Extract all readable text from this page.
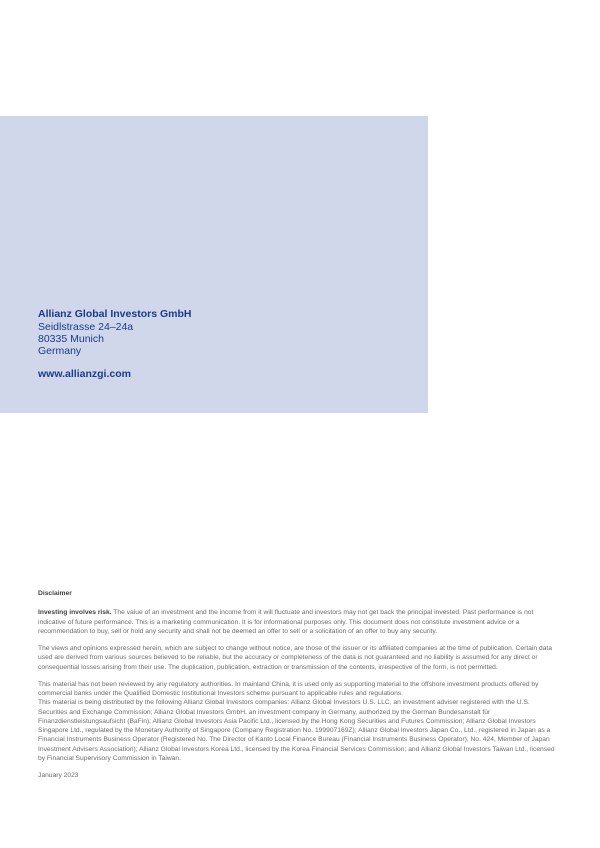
Allianz Global Investors GmbH
Seidlstrasse 24–24a
80335 Munich
Germany
www.allianzgi.com
Disclaimer

Investing involves risk. The value of an investment and the income from it will fluctuate and investors may not get back the principal invested. Past performance is not indicative of future performance. This is a marketing communication. It is for informational purposes only. This document does not constitute investment advice or a recommendation to buy, sell or hold any security and shall not be deemed an offer to sell or a solicitation of an offer to buy any security.

The views and opinions expressed herein, which are subject to change without notice, are those of the issuer or its affiliated companies at the time of publication. Certain data used are derived from various sources believed to be reliable, but the accuracy or completeness of the data is not guaranteed and no liability is assumed for any direct or consequential losses arising from their use. The duplication, publication, extraction or transmission of the contents, irrespective of the form, is not permitted.

This material has not been reviewed by any regulatory authorities. In mainland China, it is used only as supporting material to the offshore investment products offered by commercial banks under the Qualified Domestic Institutional Investors scheme pursuant to applicable rules and regulations.

This material is being distributed by the following Allianz Global Investors companies: Allianz Global Investors U.S. LLC, an investment adviser registered with the U.S. Securities and Exchange Commission; Allianz Global Investors GmbH, an investment company in Germany, authorized by the German Bundesanstalt für Finanzdienstleistungsaufsicht (BaFin); Allianz Global Investors Asia Pacific Ltd., licensed by the Hong Kong Securities and Futures Commission; Allianz Global Investors Singapore Ltd., regulated by the Monetary Authority of Singapore (Company Registration No. 199907169Z); Allianz Global Investors Japan Co., Ltd., registered in Japan as a Financial Instruments Business Operator (Registered No. The Director of Kanto Local Finance Bureau (Financial Instruments Business Operator), No. 424, Member of Japan Investment Advisers Association); Allianz Global Investors Korea Ltd., licensed by the Korea Financial Services Commission; and Allianz Global Investors Taiwan Ltd., licensed by Financial Supervisory Commission in Taiwan.

January 2023
